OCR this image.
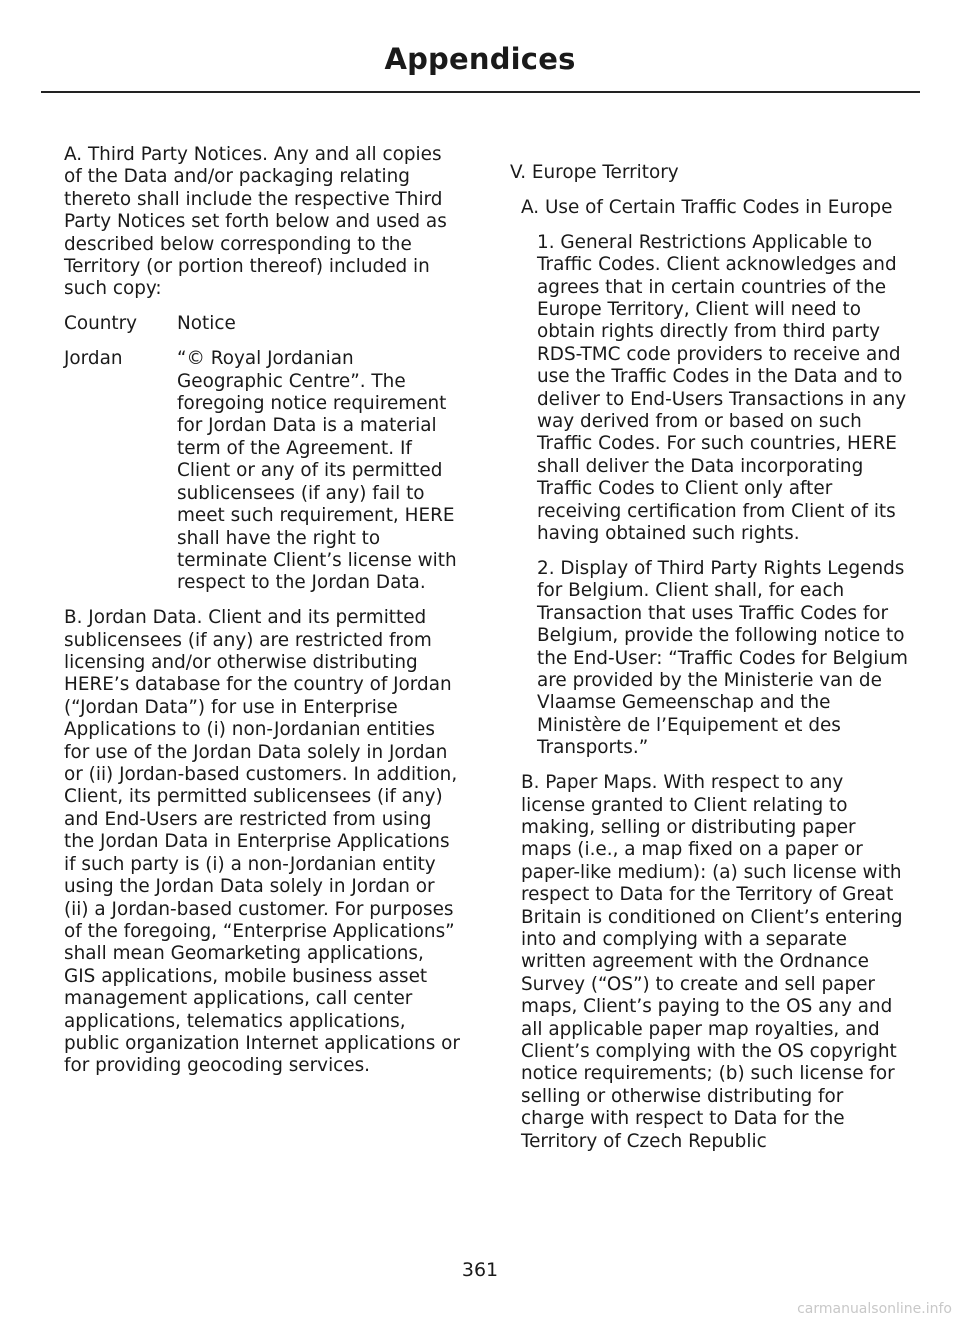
Appendices

A. Third Party Notices. Any and all copies of the Data and/or packaging relating thereto shall include the respective Third Party Notices set forth below and used as described below corresponding to the Territory (or portion thereof) included in such copy:

Country	Notice
Jordan	“© Royal Jordanian Geographic Centre”. The foregoing notice requirement for Jordan Data is a material term of the Agreement. If Client or any of its permitted sublicensees (if any) fail to meet such requirement, HERE shall have the right to terminate Client’s license with respect to the Jordan Data.

B. Jordan Data. Client and its permitted sublicensees (if any) are restricted from licensing and/or otherwise distributing HERE’s database for the country of Jordan (“Jordan Data”) for use in Enterprise Applications to (i) non-Jordanian entities for use of the Jordan Data solely in Jordan or (ii) Jordan-based customers. In addition, Client, its permitted sublicensees (if any) and End-Users are restricted from using the Jordan Data in Enterprise Applications if such party is (i) a non-Jordanian entity using the Jordan Data solely in Jordan or (ii) a Jordan-based customer. For purposes of the foregoing, “Enterprise Applications” shall mean Geomarketing applications, GIS applications, mobile business asset management applications, call center applications, telematics applications, public organization Internet applications or for providing geocoding services.

V. Europe Territory

A. Use of Certain Traffic Codes in Europe

1. General Restrictions Applicable to Traffic Codes. Client acknowledges and agrees that in certain countries of the Europe Territory, Client will need to obtain rights directly from third party RDS-TMC code providers to receive and use the Traffic Codes in the Data and to deliver to End-Users Transactions in any way derived from or based on such Traffic Codes. For such countries, HERE shall deliver the Data incorporating Traffic Codes to Client only after receiving certification from Client of its having obtained such rights.

2. Display of Third Party Rights Legends for Belgium. Client shall, for each Transaction that uses Traffic Codes for Belgium, provide the following notice to the End-User: “Traffic Codes for Belgium are provided by the Ministerie van de Vlaamse Gemeenschap and the Ministère de l’Equipement et des Transports.”

B. Paper Maps. With respect to any license granted to Client relating to making, selling or distributing paper maps (i.e., a map fixed on a paper or paper-like medium): (a) such license with respect to Data for the Territory of Great Britain is conditioned on Client’s entering into and complying with a separate written agreement with the Ordnance Survey (“OS”) to create and sell paper maps, Client’s paying to the OS any and all applicable paper map royalties, and Client’s complying with the OS copyright notice requirements; (b) such license for selling or otherwise distributing for charge with respect to Data for the Territory of Czech Republic

361
carmanualsonline.info
